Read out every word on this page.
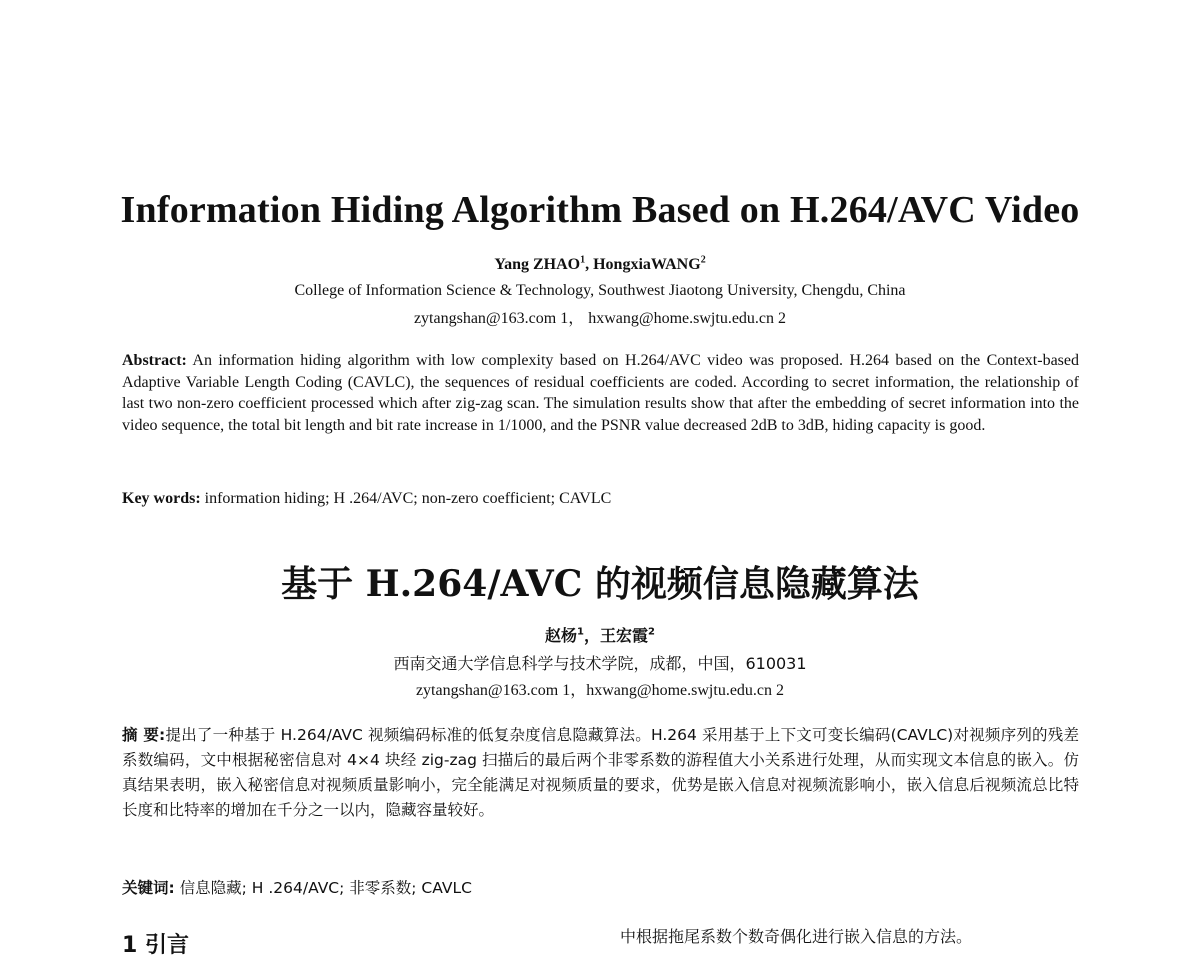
Information Hiding Algorithm Based on H.264/AVC Video
Yang ZHAO$^1$, HongxiaWANG$^2$
College of Information Science & Technology, Southwest Jiaotong University, Chengdu, China
zytangshan@163.com 1， hxwang@home.swjtu.edu.cn 2
Abstract: An information hiding algorithm with low complexity based on H.264/AVC video was proposed. H.264 based on the Context-based Adaptive Variable Length Coding (CAVLC), the sequences of residual coefficients are coded. According to secret information, the relationship of last two non-zero coefficient processed which after zig-zag scan. The simulation results show that after the embedding of secret information into the video sequence, the total bit length and bit rate increase in 1/1000, and the PSNR value decreased 2dB to 3dB, hiding capacity is good.
Key words: information hiding; H .264/AVC; non-zero coefficient; CAVLC
基于 H.264/AVC 的视频信息隐藏算法
赵杨$^1$，王宏霞$^2$
西南交通大学信息科学与技术学院，成都，中国，610031
zytangshan@163.com 1，hxwang@home.swjtu.edu.cn 2
摘 要:提出了一种基于 H.264/AVC 视频编码标准的低复杂度信息隐藏算法。H.264 采用基于上下文可变长编码(CAVLC)对视频序列的残差系数编码，文中根据秘密信息对 4×4 块经 zig-zag 扫描后的最后两个非零系数的游程值大小关系进行处理，从而实现文本信息的嵌入。仿真结果表明，嵌入秘密信息对视频质量影响小，完全能满足对视频质量的要求，优势是嵌入信息对视频流影响小，嵌入信息后视频流总比特长度和比特率的增加在千分之一以内，隐藏容量较好。
关键词: 信息隐藏; H .264/AVC; 非零系数; CAVLC
1 引言	中根据拖尾系数个数奇偶化进行嵌入信息的方法。
